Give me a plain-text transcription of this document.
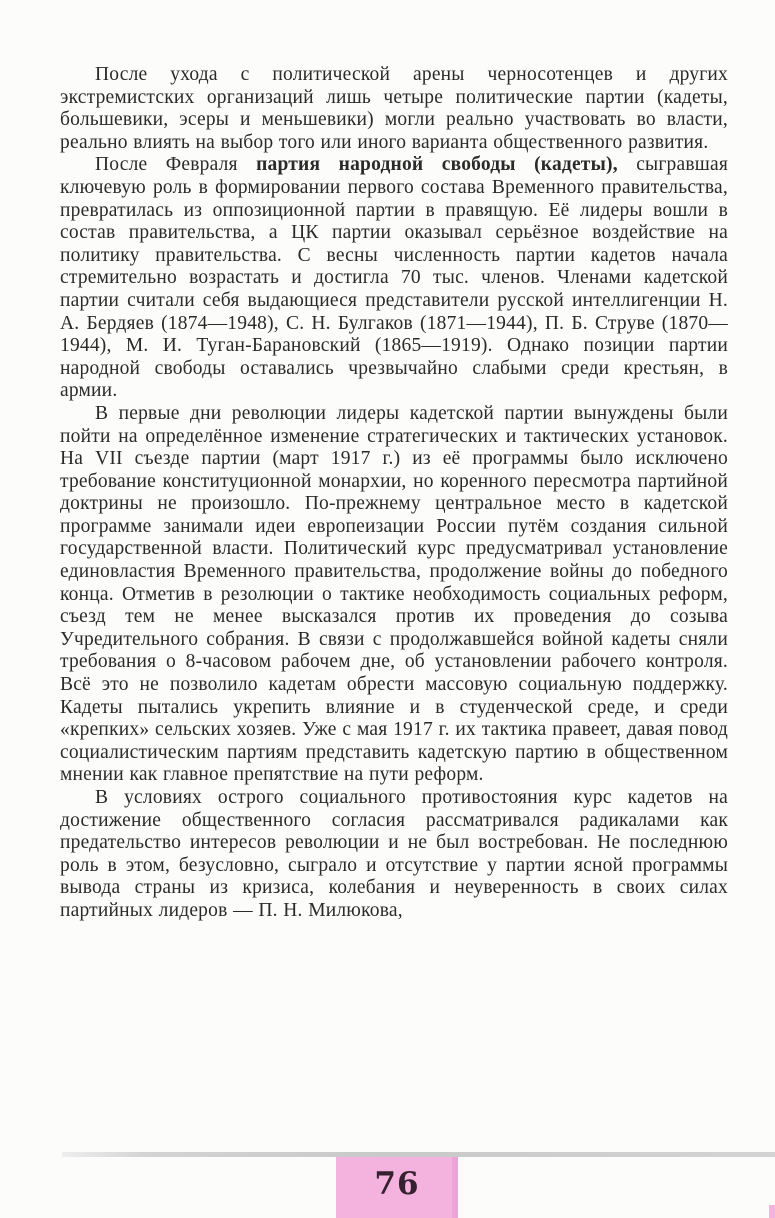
После ухода с политической арены черносотенцев и других экстремистских организаций лишь четыре политические партии (кадеты, большевики, эсеры и меньшевики) могли реально участвовать во власти, реально влиять на выбор того или иного варианта общественного развития.

После Февраля партия народной свободы (кадеты), сыгравшая ключевую роль в формировании первого состава Временного правительства, превратилась из оппозиционной партии в правящую. Её лидеры вошли в состав правительства, а ЦК партии оказывал серьёзное воздействие на политику правительства. С весны численность партии кадетов начала стремительно возрастать и достигла 70 тыс. членов. Членами кадетской партии считали себя выдающиеся представители русской интеллигенции Н. А. Бердяев (1874—1948), С. Н. Булгаков (1871—1944), П. Б. Струве (1870—1944), М. И. Туган-Барановский (1865—1919). Однако позиции партии народной свободы оставались чрезвычайно слабыми среди крестьян, в армии.

В первые дни революции лидеры кадетской партии вынуждены были пойти на определённое изменение стратегических и тактических установок. На VII съезде партии (март 1917 г.) из её программы было исключено требование конституционной монархии, но коренного пересмотра партийной доктрины не произошло. По-прежнему центральное место в кадетской программе занимали идеи европеизации России путём создания сильной государственной власти. Политический курс предусматривал установление единовластия Временного правительства, продолжение войны до победного конца. Отметив в резолюции о тактике необходимость социальных реформ, съезд тем не менее высказался против их проведения до созыва Учредительного собрания. В связи с продолжавшейся войной кадеты сняли требования о 8-часовом рабочем дне, об установлении рабочего контроля. Всё это не позволило кадетам обрести массовую социальную поддержку. Кадеты пытались укрепить влияние и в студенческой среде, и среди «крепких» сельских хозяев. Уже с мая 1917 г. их тактика правеет, давая повод социалистическим партиям представить кадетскую партию в общественном мнении как главное препятствие на пути реформ.

В условиях острого социального противостояния курс кадетов на достижение общественного согласия рассматривался радикалами как предательство интересов революции и не был востребован. Не последнюю роль в этом, безусловно, сыграло и отсутствие у партии ясной программы вывода страны из кризиса, колебания и неуверенность в своих силах партийных лидеров — П. Н. Милюкова,

76
